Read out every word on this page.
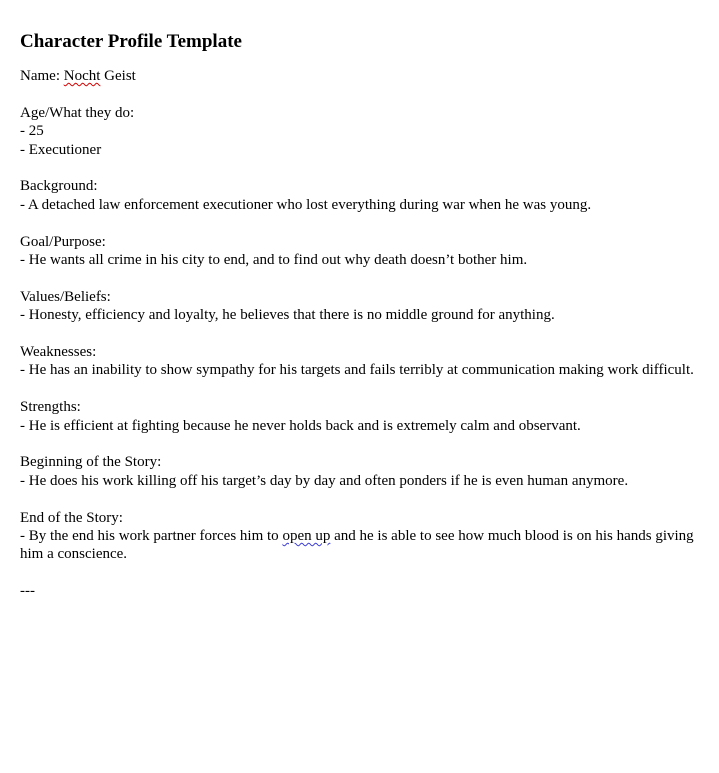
Character Profile Template

Name: Nocht Geist

Age/What they do:

- 25

- Executioner

Background:

- A detached law enforcement executioner who lost everything during war when he was young.

Goal/Purpose:

- He wants all crime in his city to end, and to find out why death doesn’t bother him.

Values/Beliefs:

- Honesty, efficiency and loyalty, he believes that there is no middle ground for anything.

Weaknesses:

- He has an inability to show sympathy for his targets and fails terribly at communication making work difficult.

Strengths:

- He is efficient at fighting because he never holds back and is extremely calm and observant.

Beginning of the Story:

- He does his work killing off his target’s day by day and often ponders if he is even human anymore.

End of the Story:

- By the end his work partner forces him to open up and he is able to see how much blood is on his hands giving him a conscience.

---
